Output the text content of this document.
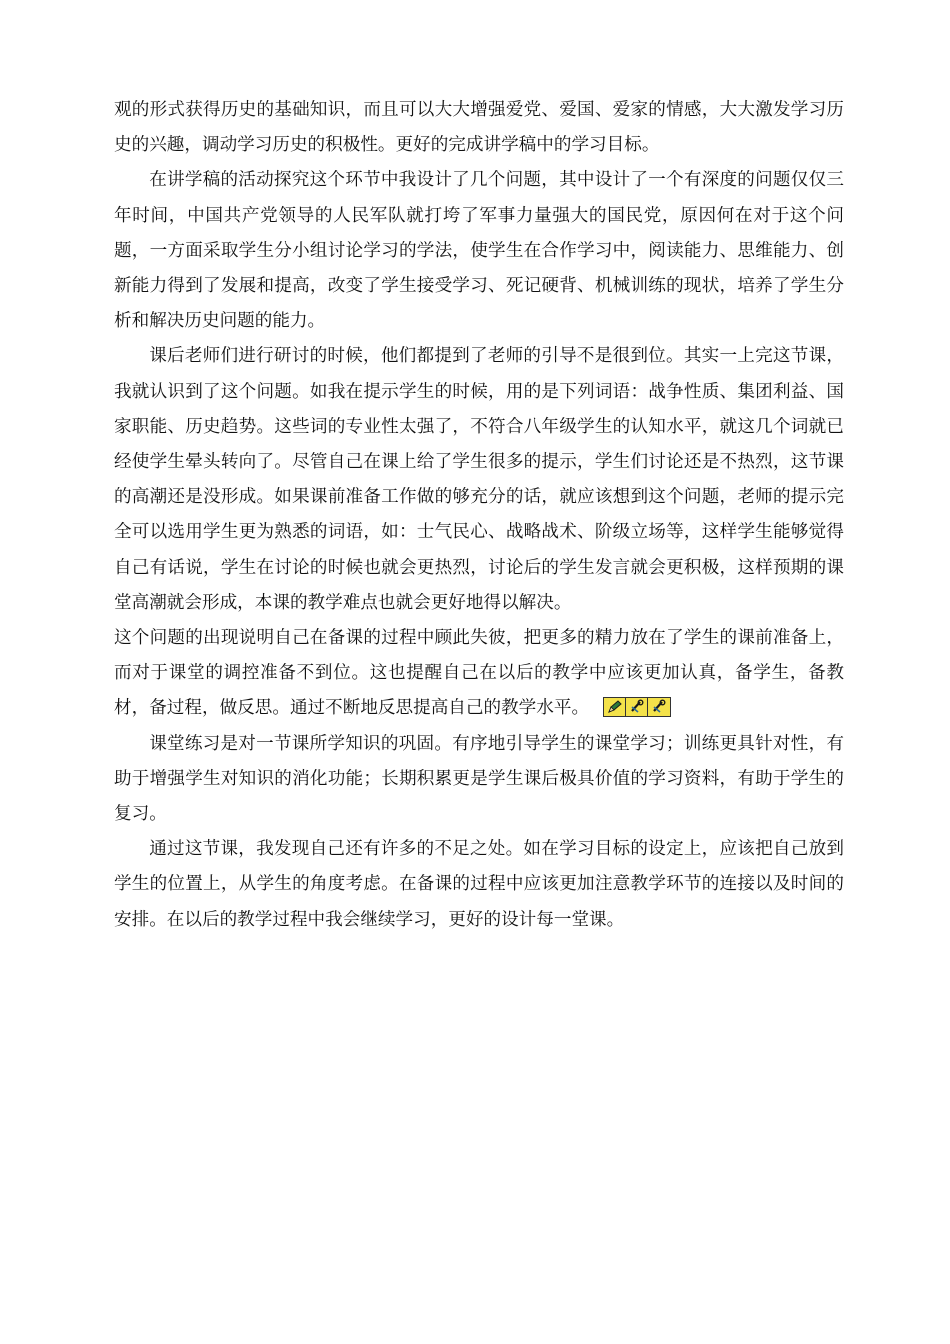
观的形式获得历史的基础知识，而且可以大大增强爱党、爱国、爱家的情感，大大激发学习历史的兴趣，调动学习历史的积极性。更好的完成讲学稿中的学习目标。

在讲学稿的活动探究这个环节中我设计了几个问题，其中设计了一个有深度的问题仅仅三年时间，中国共产党领导的人民军队就打垮了军事力量强大的国民党，原因何在对于这个问题，一方面采取学生分小组讨论学习的学法，使学生在合作学习中，阅读能力、思维能力、创新能力得到了发展和提高，改变了学生接受学习、死记硬背、机械训练的现状，培养了学生分析和解决历史问题的能力。

课后老师们进行研讨的时候，他们都提到了老师的引导不是很到位。其实一上完这节课，我就认识到了这个问题。如我在提示学生的时候，用的是下列词语：战争性质、集团利益、国家职能、历史趋势。这些词的专业性太强了，不符合八年级学生的认知水平，就这几个词就已经使学生晕头转向了。尽管自己在课上给了学生很多的提示，学生们讨论还是不热烈，这节课的高潮还是没形成。如果课前准备工作做的够充分的话，就应该想到这个问题，老师的提示完全可以选用学生更为熟悉的词语，如：士气民心、战略战术、阶级立场等，这样学生能够觉得自己有话说，学生在讨论的时候也就会更热烈，讨论后的学生发言就会更积极，这样预期的课堂高潮就会形成，本课的教学难点也就会更好地得以解决。

这个问题的出现说明自己在备课的过程中顾此失彼，把更多的精力放在了学生的课前准备上，而对于课堂的调控准备不到位。这也提醒自己在以后的教学中应该更加认真，备学生，备教材，备过程，做反思。通过不断地反思提高自己的教学水平。

课堂练习是对一节课所学知识的巩固。有序地引导学生的课堂学习；训练更具针对性，有助于增强学生对知识的消化功能；长期积累更是学生课后极具价值的学习资料，有助于学生的复习。

通过这节课，我发现自己还有许多的不足之处。如在学习目标的设定上，应该把自己放到学生的位置上，从学生的角度考虑。在备课的过程中应该更加注意教学环节的连接以及时间的安排。在以后的教学过程中我会继续学习，更好的设计每一堂课。
